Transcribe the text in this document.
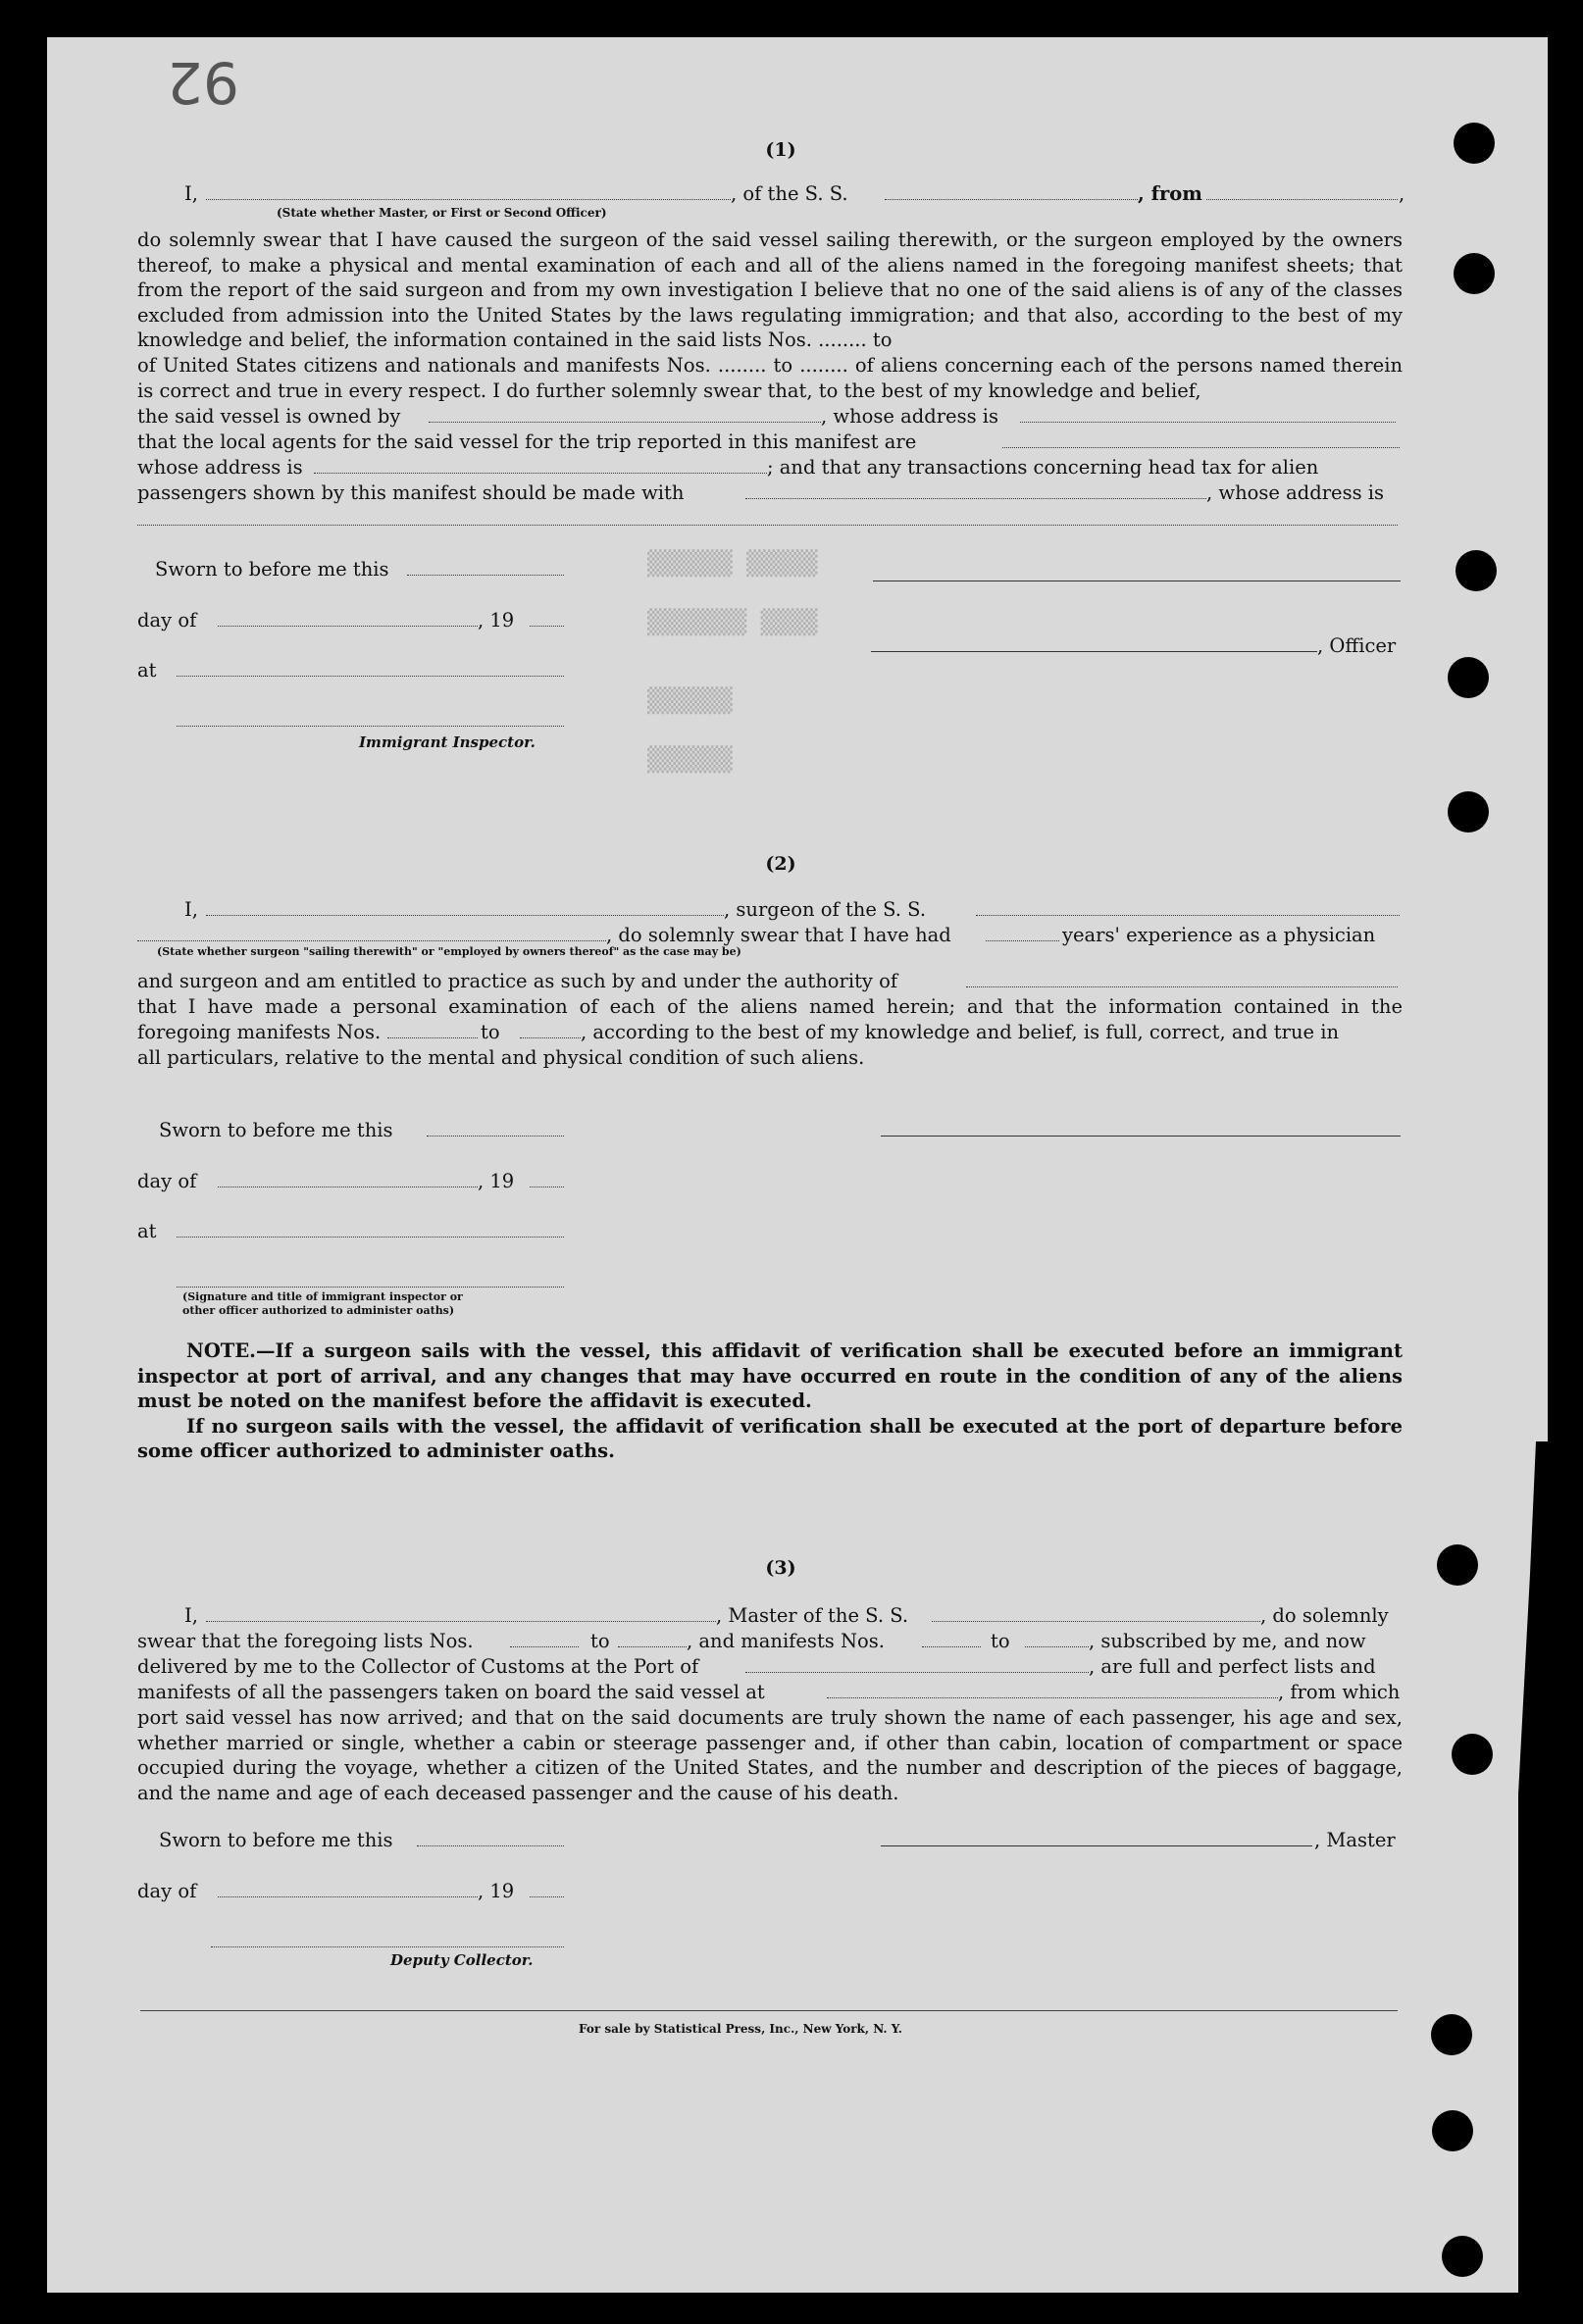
▒▒▒▒▒▒ ▒▒▒▒▒
▒▒▒▒▒▒▒ ▒▒▒▒
▒▒▒▒▒▒
▒▒▒▒▒▒
92
(1)
I,	, of the S. S.	, from	,
(State whether Master, or First or Second Officer)

do solemnly swear that I have caused the surgeon of the said vessel sailing therewith, or the surgeon employed by the owners thereof, to make a physical and mental examination of each and all of the aliens named in the foregoing manifest sheets; that from the report of the said surgeon and from my own investigation I believe that no one of the said aliens is of any of the classes excluded from admission into the United States by the laws regulating immigration; and that also, according to the best of my knowledge and belief, the information contained in the said lists Nos. ........ to

of United States citizens and nationals and manifests Nos. ........ to ........ of aliens concerning each of the persons named therein is correct and true in every respect. I do further solemnly swear that, to the best of my knowledge and belief,

the said vessel is owned by	, whose address is
that the local agents for the said vessel for the trip reported in this manifest are
whose address is	; and that any transactions concerning head tax for alien
passengers shown by this manifest should be made with	, whose address is
Sworn to before me this
day of	, 19
, Officer
at
Immigrant Inspector.
(2)
I,	, surgeon of the S. S.
, do solemnly swear that I have had	years' experience as a physician
(State whether surgeon "sailing therewith" or "employed by owners thereof" as the case may be)
and surgeon and am entitled to practice as such by and under the authority of
that I have made a personal examination of each of the aliens named herein; and that the information contained in the
foregoing manifests Nos.	to	, according to the best of my knowledge and belief, is full, correct, and true in
all particulars, relative to the mental and physical condition of such aliens.
Sworn to before me this
day of	, 19
at
(Signature and title of immigrant inspector or
other officer authorized to administer oaths)

NOTE.—If a surgeon sails with the vessel, this affidavit of verification shall be executed before an immigrant inspector at port of arrival, and any changes that may have occurred en route in the condition of any of the aliens must be noted on the manifest before the affidavit is executed.

If no surgeon sails with the vessel, the affidavit of verification shall be executed at the port of departure before some officer authorized to administer oaths.

(3)
I,	, Master of the S. S.	, do solemnly
swear that the foregoing lists Nos.	to	, and manifests Nos.	to	, subscribed by me, and now
delivered by me to the Collector of Customs at the Port of	, are full and perfect lists and
manifests of all the passengers taken on board the said vessel at	, from which
port said vessel has now arrived; and that on the said documents are truly shown the name of each passenger, his age and sex, whether married or single, whether a cabin or steerage passenger and, if other than cabin, location of compartment or space occupied during the voyage, whether a citizen of the United States, and the number and description of the pieces of baggage, and the name and age of each deceased passenger and the cause of his death.
Sworn to before me this	, Master
day of	, 19
Deputy Collector.
For sale by Statistical Press, Inc., New York, N. Y.
